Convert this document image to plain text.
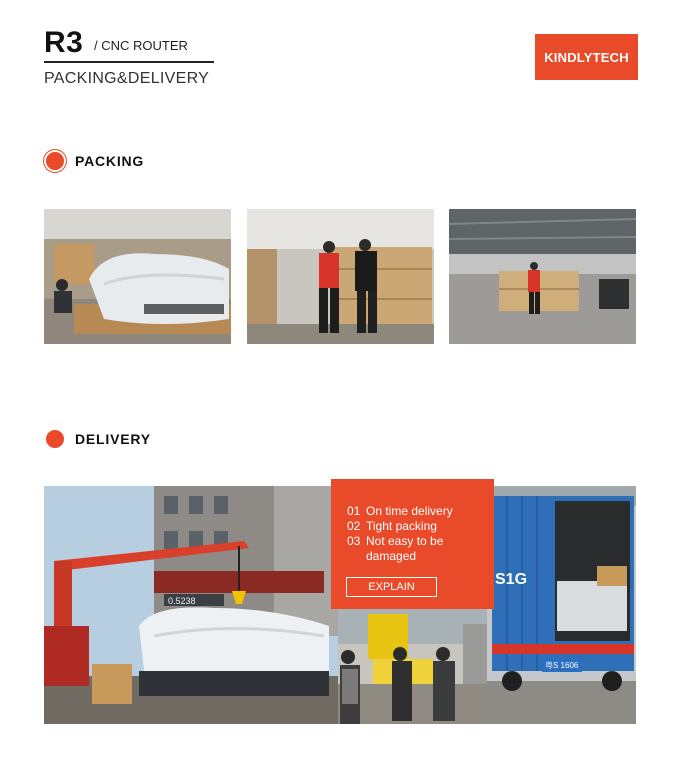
R3 / CNC ROUTER
PACKING&DELIVERY
KINDLYTECH
PACKING
DELIVERY
0.5238
S1G
粤S 1606
01 On time delivery
02 Tight packing
03 Not easy to be damaged
EXPLAIN
